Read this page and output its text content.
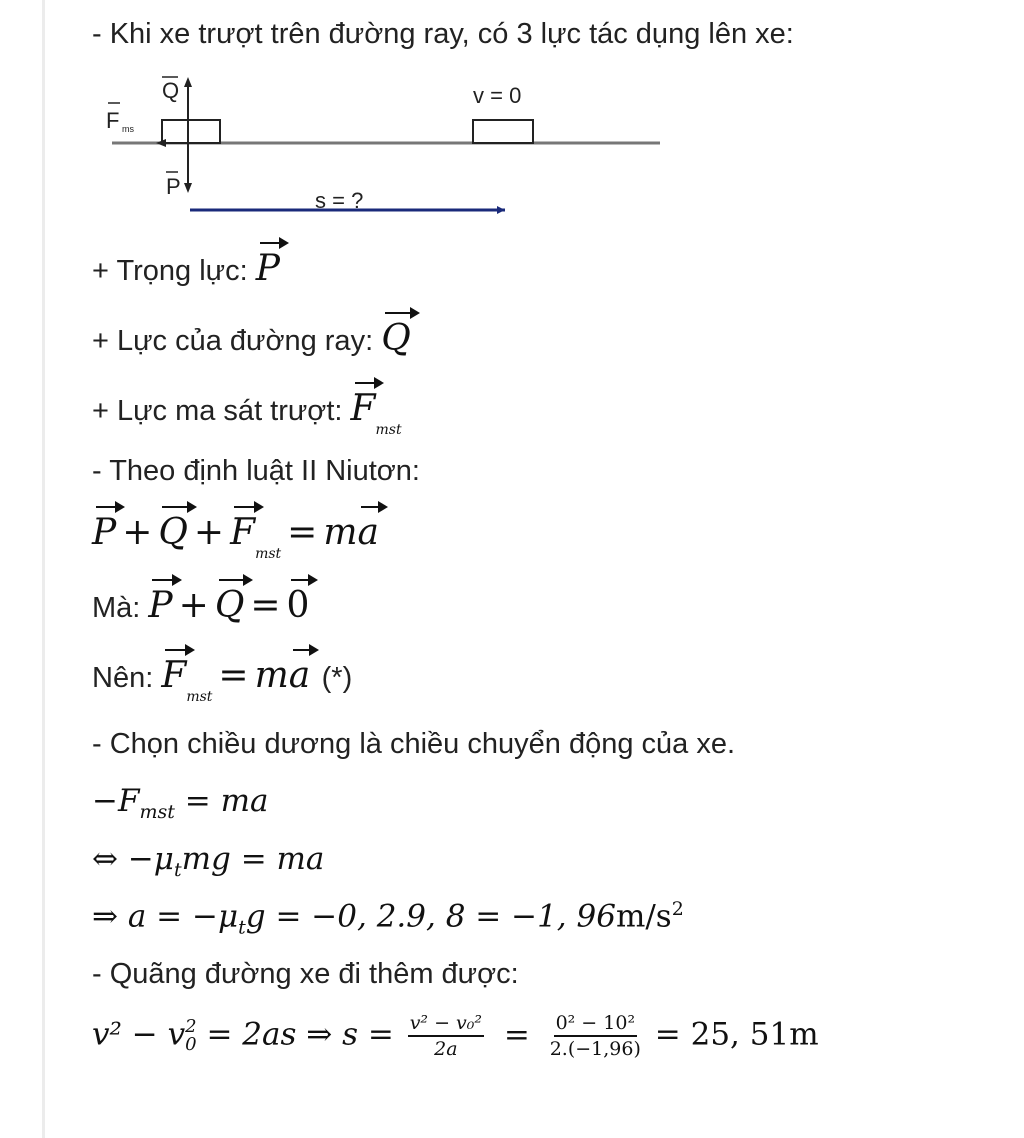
- Khi xe trượt trên đường ray, có 3 lực tác dụng lên xe:
Q
F ms
P
v = 0
s = ?
+ Trọng lực: P
+ Lực của đường ray: Q
+ Lực ma sát trượt: $F_{mst}$
- Theo định luật II Niutơn:
$P + Q + F_{mst}=$ ma
Mà: P + Q = 0
Nên: $F_{mst}=$ ma (*)
- Chọn chiều dương là chiều chuyển động của xe.
$-F_{mst}$ = ma
⇔ $-\mu_tmg$ = ma
⇒ $a = -\mu_tg = -0$, 2.9, 8 = −1, $96m/s^2$
- Quãng đường xe đi thêm được:
v² − v 2
0 = 2as ⇒ $s = \frac{\text{v² − v₀²}}{2a} = \frac{\text{0² − 10²}}{2.(-1,96)} = 25$, 51m
